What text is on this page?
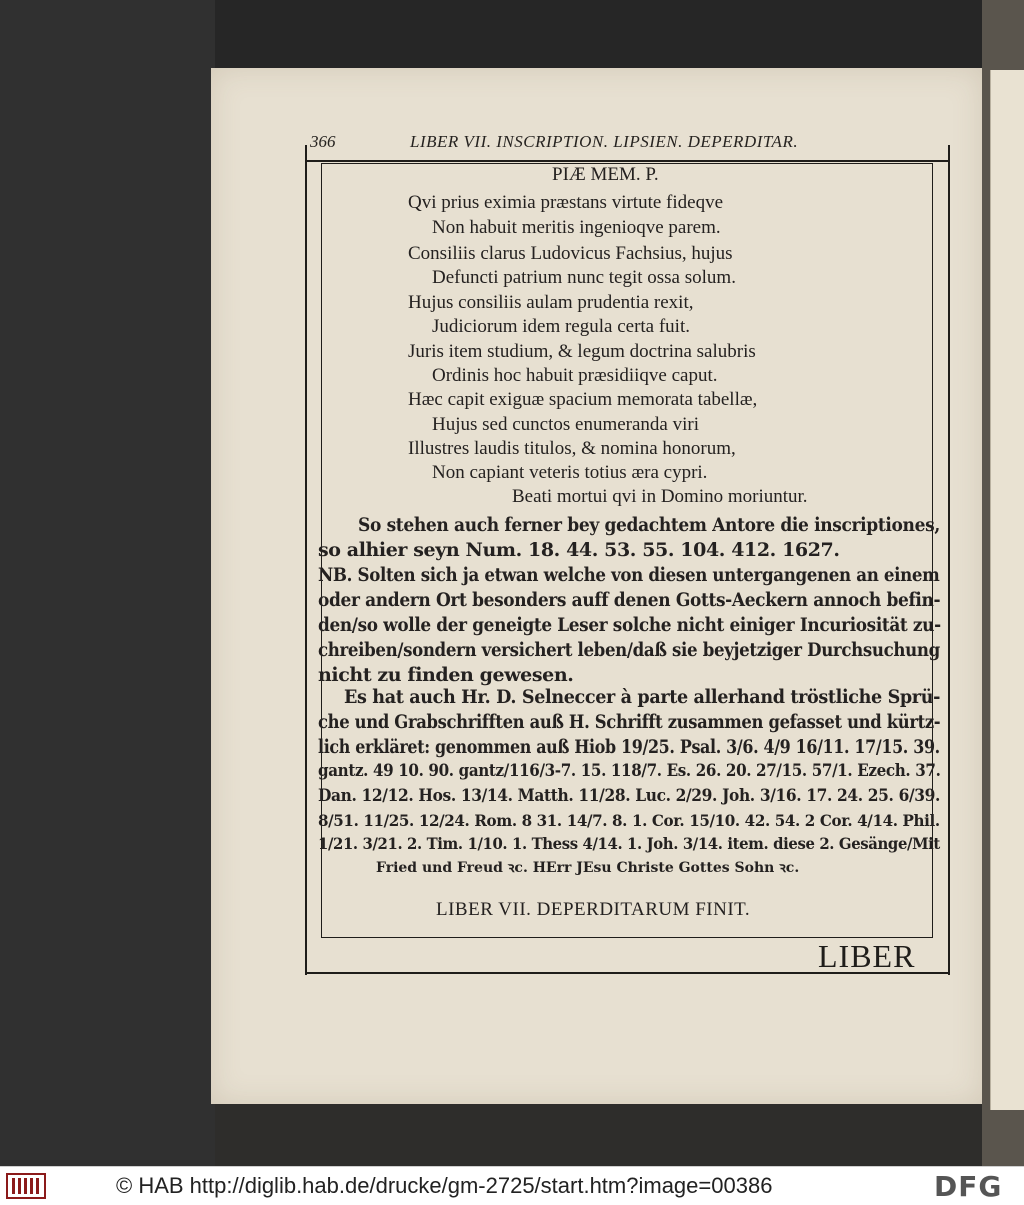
366	LIBER VII. INSCRIPTION. LIPSIEN. DEPERDITAR.
PIÆ MEM. P.
Qvi prius eximia præstans virtute fideqve
Non habuit meritis ingenioqve parem.
Consiliis clarus Ludovicus Fachsius, hujus
Defuncti patrium nunc tegit ossa solum.
Hujus consiliis aulam prudentia rexit,
Judiciorum idem regula certa fuit.
Juris item studium, & legum doctrina salubris
Ordinis hoc habuit præsidiiqve caput.
Hæc capit exiguæ spacium memorata tabellæ,
Hujus sed cunctos enumeranda viri
Illustres laudis titulos, & nomina honorum,
Non capiant veteris totius æra cypri.
Beati mortui qvi in Domino moriuntur.
So stehen auch ferner bey gedachtem Antore die inscriptiones,
so alhier seyn Num. 18. 44. 53. 55. 104. 412. 1627.
NB. Solten sich ja etwan welche von diesen untergangenen an einem
oder andern Ort besonders auff denen Gotts-Aeckern annoch befin-
den/so wolle der geneigte Leser solche nicht einiger Incuriosität zu-
chreiben/sondern versichert leben/daß sie beyjetziger Durchsuchung
nicht zu finden gewesen.
Es hat auch Hr. D. Selneccer à parte allerhand tröstliche Sprü-
che und Grabschrifften auß H. Schrifft zusammen gefasset und kürtz-
lich erkläret: genommen auß Hiob 19/25. Psal. 3/6. 4/9 16/11. 17/15. 39.
gantz. 49 10. 90. gantz/116/3-7. 15. 118/7. Es. 26. 20. 27/15. 57/1. Ezech. 37.
Dan. 12/12. Hos. 13/14. Matth. 11/28. Luc. 2/29. Joh. 3/16. 17. 24. 25. 6/39.
8/51. 11/25. 12/24. Rom. 8 31. 14/7. 8. 1. Cor. 15/10. 42. 54. 2 Cor. 4/14. Phil.
1/21. 3/21. 2. Tim. 1/10. 1. Thess 4/14. 1. Joh. 3/14. item. diese 2. Gesänge/Mit
Fried und Freud ꝛc. HErr JEsu Christe Gottes Sohn ꝛc.
LIBER VII. DEPERDITARUM FINIT.
LIBER
© HAB http://diglib.hab.de/drucke/gm-2725/start.htm?image=00386	DFG
